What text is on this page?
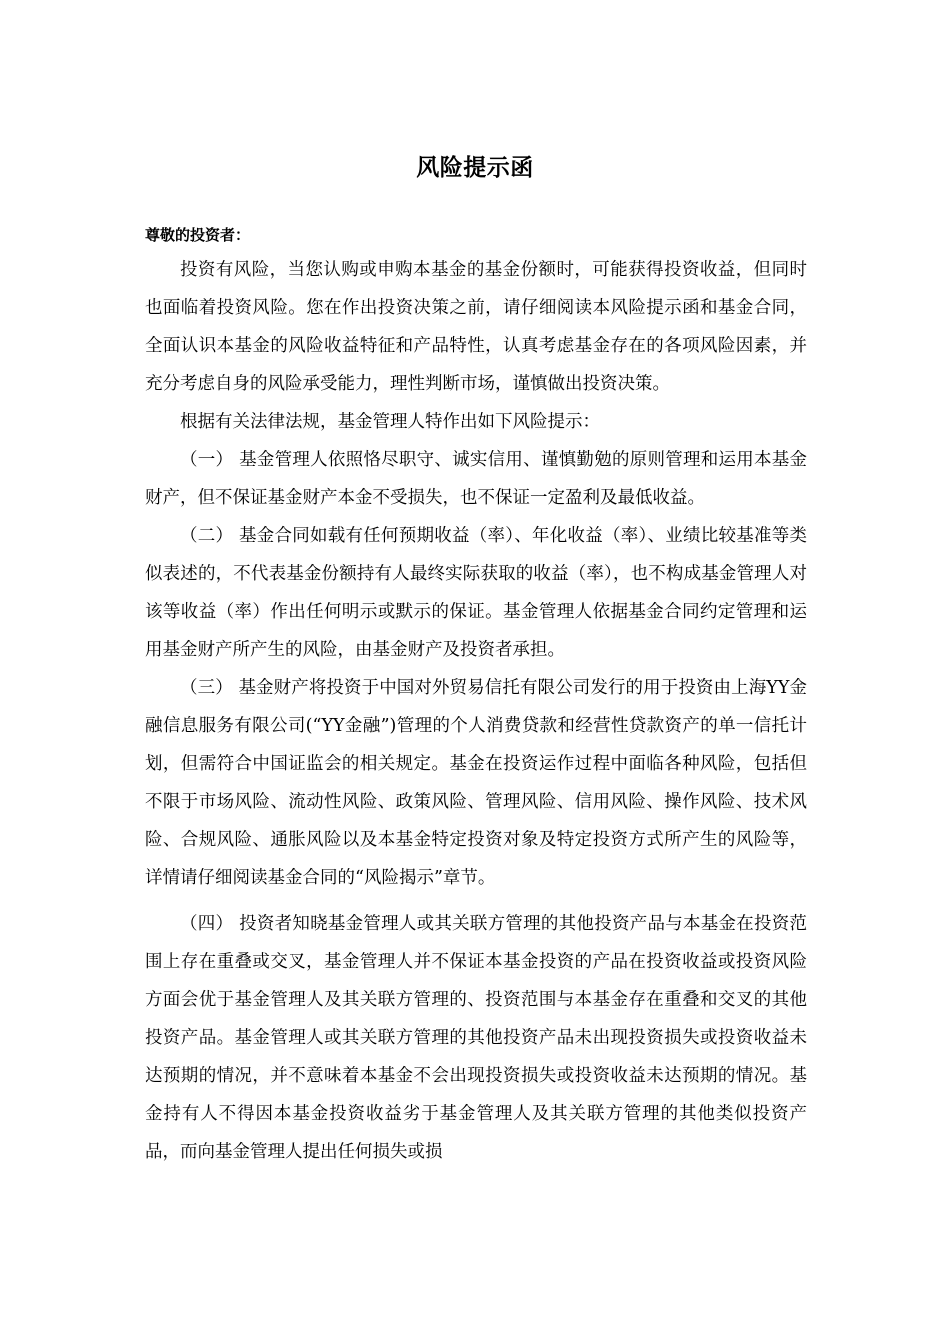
风险提示函
尊敬的投资者：

投资有风险，当您认购或申购本基金的基金份额时，可能获得投资收益，但同时也面临着投资风险。您在作出投资决策之前，请仔细阅读本风险提示函和基金合同，全面认识本基金的风险收益特征和产品特性，认真考虑基金存在的各项风险因素，并充分考虑自身的风险承受能力，理性判断市场，谨慎做出投资决策。

根据有关法律法规，基金管理人特作出如下风险提示：

（一） 基金管理人依照恪尽职守、诚实信用、谨慎勤勉的原则管理和运用本基金财产，但不保证基金财产本金不受损失，也不保证一定盈利及最低收益。

（二） 基金合同如载有任何预期收益（率）、年化收益（率）、业绩比较基准等类似表述的，不代表基金份额持有人最终实际获取的收益（率），也不构成基金管理人对该等收益（率）作出任何明示或默示的保证。基金管理人依据基金合同约定管理和运用基金财产所产生的风险，由基金财产及投资者承担。

（三） 基金财产将投资于中国对外贸易信托有限公司发行的用于投资由上海YY金融信息服务有限公司(“YY金融”)管理的个人消费贷款和经营性贷款资产的单一信托计划，但需符合中国证监会的相关规定。基金在投资运作过程中面临各种风险，包括但不限于市场风险、流动性风险、政策风险、管理风险、信用风险、操作风险、技术风险、合规风险、通胀风险以及本基金特定投资对象及特定投资方式所产生的风险等，详情请仔细阅读基金合同的“风险揭示”章节。

（四） 投资者知晓基金管理人或其关联方管理的其他投资产品与本基金在投资范围上存在重叠或交叉，基金管理人并不保证本基金投资的产品在投资收益或投资风险方面会优于基金管理人及其关联方管理的、投资范围与本基金存在重叠和交叉的其他投资产品。基金管理人或其关联方管理的其他投资产品未出现投资损失或投资收益未达预期的情况，并不意味着本基金不会出现投资损失或投资收益未达预期的情况。基金持有人不得因本基金投资收益劣于基金管理人及其关联方管理的其他类似投资产品，而向基金管理人提出任何损失或损
